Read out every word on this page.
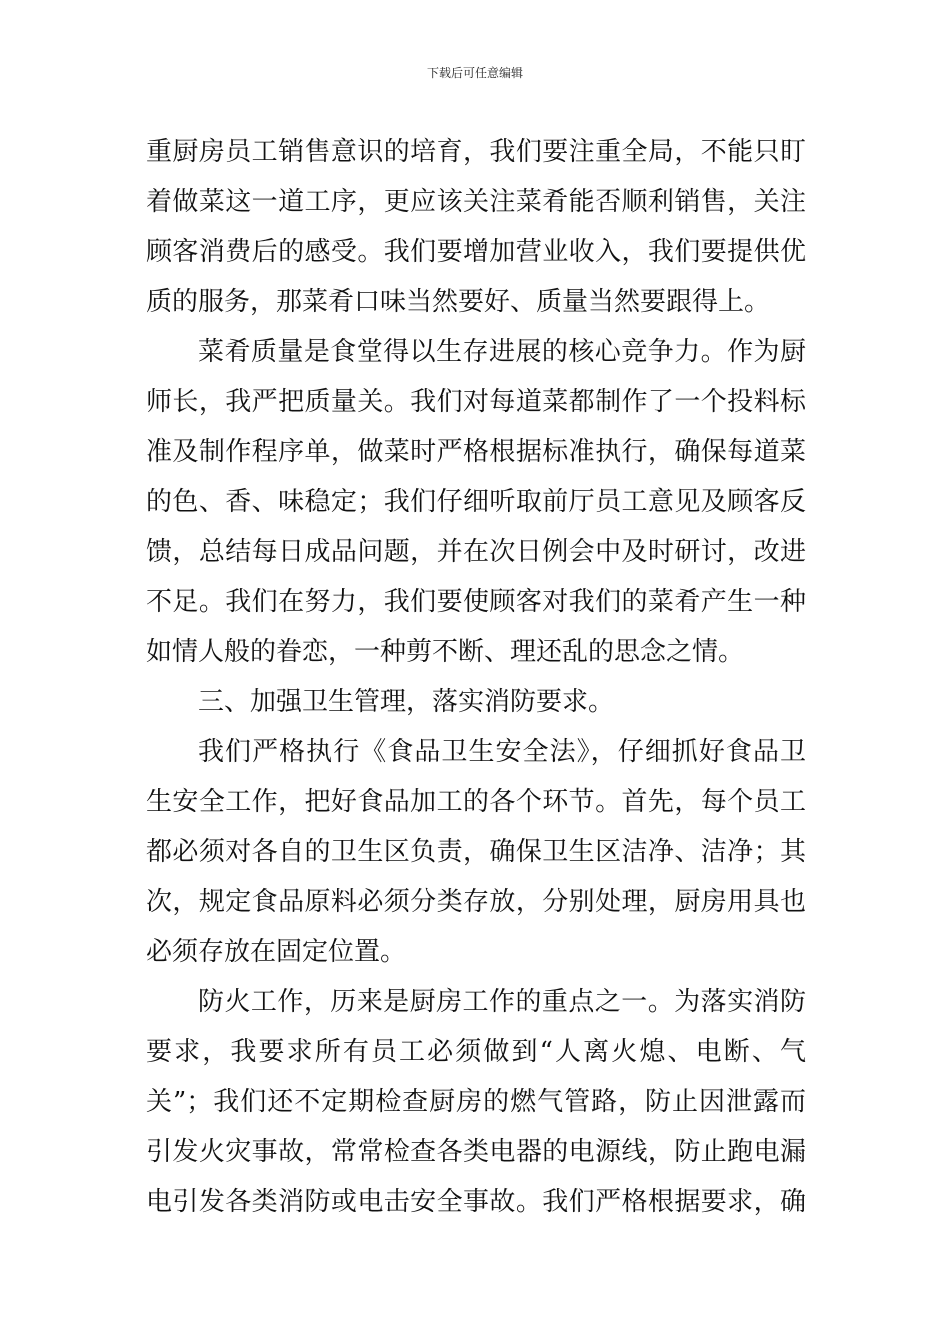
下载后可任意编辑
重厨房员工销售意识的培育，我们要注重全局，不能只盯
着做菜这一道工序，更应该关注菜肴能否顺利销售，关注
顾客消费后的感受。我们要增加营业收入，我们要提供优
质的服务，那菜肴口味当然要好、质量当然要跟得上。
菜肴质量是食堂得以生存进展的核心竞争力。作为厨
师长，我严把质量关。我们对每道菜都制作了一个投料标
准及制作程序单，做菜时严格根据标准执行，确保每道菜
的色、香、味稳定；我们仔细听取前厅员工意见及顾客反
馈，总结每日成品问题，并在次日例会中及时研讨，改进
不足。我们在努力，我们要使顾客对我们的菜肴产生一种
如情人般的眷恋，一种剪不断、理还乱的思念之情。
三、加强卫生管理，落实消防要求。
我们严格执行《食品卫生安全法》，仔细抓好食品卫
生安全工作，把好食品加工的各个环节。首先，每个员工
都必须对各自的卫生区负责，确保卫生区洁净、洁净；其
次，规定食品原料必须分类存放，分别处理，厨房用具也
必须存放在固定位置。
防火工作，历来是厨房工作的重点之一。为落实消防
要求，我要求所有员工必须做到“人离火熄、电断、气
关”；我们还不定期检查厨房的燃气管路，防止因泄露而
引发火灾事故，常常检查各类电器的电源线，防止跑电漏
电引发各类消防或电击安全事故。我们严格根据要求，确
